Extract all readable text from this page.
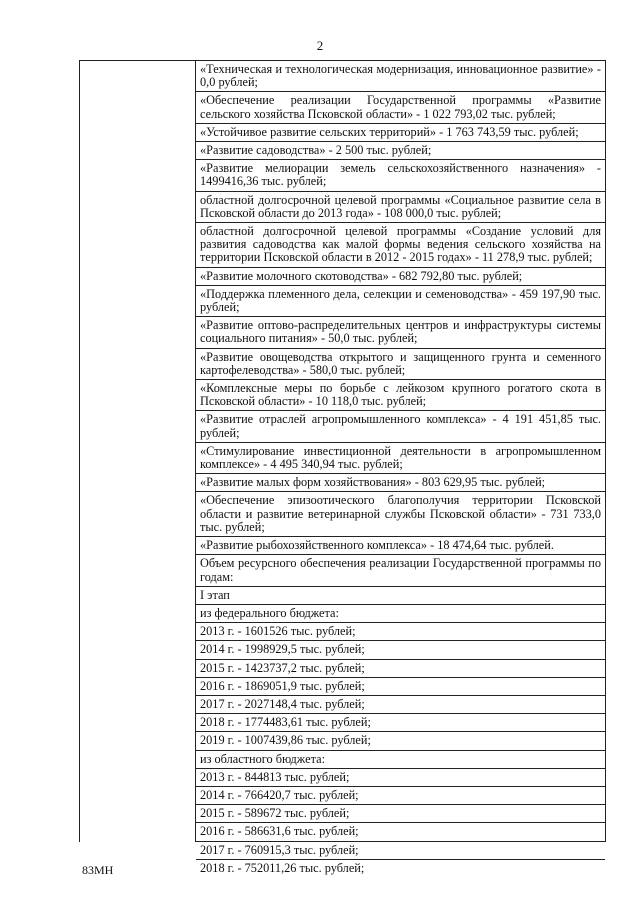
2
«Техническая и технологическая модернизация, инновационное развитие» - 0,0 рублей;
«Обеспечение реализации Государственной программы «Развитие сельского хозяйства Псковской области» - 1 022 793,02 тыс. рублей;
«Устойчивое развитие сельских территорий» - 1 763 743,59 тыс. рублей;
«Развитие садоводства» - 2 500 тыс. рублей;
«Развитие мелиорации земель сельскохозяйственного назначения» - 1499416,36 тыс. рублей;
областной долгосрочной целевой программы «Социальное развитие села в Псковской области до 2013 года» - 108 000,0 тыс. рублей;
областной долгосрочной целевой программы «Создание условий для развития садоводства как малой формы ведения сельского хозяйства на территории Псковской области в 2012 - 2015 годах» - 11 278,9 тыс. рублей;
«Развитие молочного скотоводства» - 682 792,80 тыс. рублей;
«Поддержка племенного дела, селекции и семеноводства» - 459 197,90 тыс. рублей;
«Развитие оптово-распределительных центров и инфраструктуры системы социального питания» - 50,0 тыс. рублей;
«Развитие овощеводства открытого и защищенного грунта и семенного картофелеводства» - 580,0 тыс. рублей;
«Комплексные меры по борьбе с лейкозом крупного рогатого скота в Псковской области» - 10 118,0 тыс. рублей;
«Развитие отраслей агропромышленного комплекса» - 4 191 451,85 тыс. рублей;
«Стимулирование инвестиционной деятельности в агропромышленном комплексе» - 4 495 340,94 тыс. рублей;
«Развитие малых форм хозяйствования» - 803 629,95 тыс. рублей;
«Обеспечение эпизоотического благополучия территории Псковской области и развитие ветеринарной службы Псковской области» - 731 733,0 тыс. рублей;
«Развитие рыбохозяйственного комплекса» - 18 474,64 тыс. рублей.
Объем ресурсного обеспечения реализации Государственной программы по годам:
I этап
из федерального бюджета:
2013 г. - 1601526 тыс. рублей;
2014 г. - 1998929,5 тыс. рублей;
2015 г. - 1423737,2 тыс. рублей;
2016 г. - 1869051,9 тыс. рублей;
2017 г. - 2027148,4 тыс. рублей;
2018 г. - 1774483,61 тыс. рублей;
2019 г. - 1007439,86 тыс. рублей;
из областного бюджета:
2013 г. - 844813 тыс. рублей;
2014 г. - 766420,7 тыс. рублей;
2015 г. - 589672 тыс. рублей;
2016 г. - 586631,6 тыс. рублей;
2017 г. - 760915,3 тыс. рублей;
2018 г. - 752011,26 тыс. рублей;
83МН
